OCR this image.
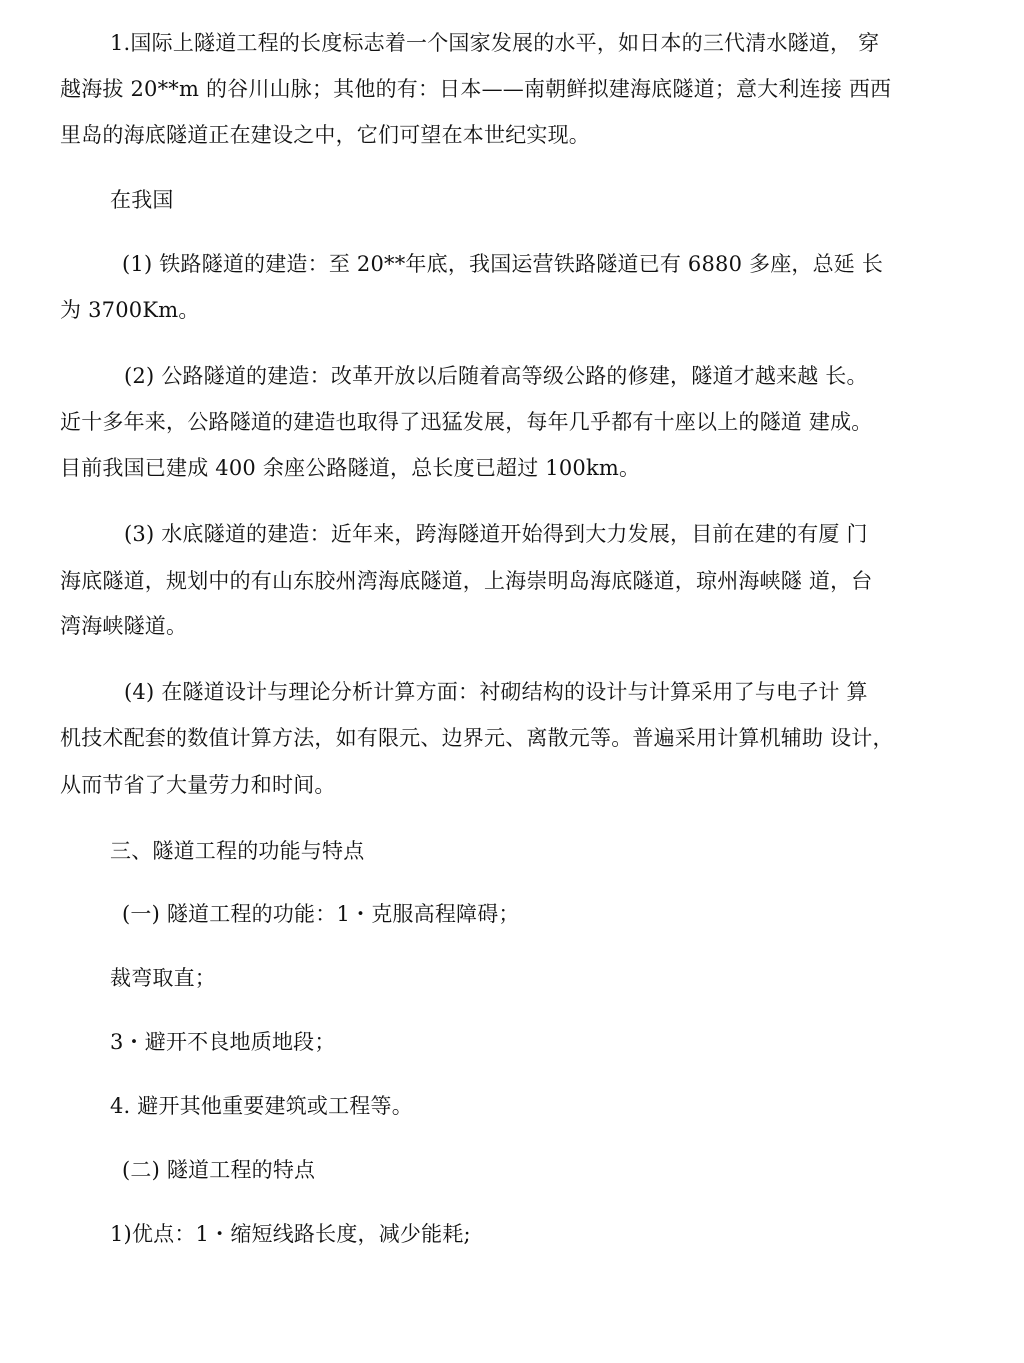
1.国际上隧道工程的长度标志着一个国家发展的水平，如日本的三代清水隧道， 穿
越海拔 20**m 的谷川山脉；其他的有：日本——南朝鲜拟建海底隧道；意大利连接 西西
里岛的海底隧道正在建设之中，它们可望在本世纪实现。
在我国
(1) 铁路隧道的建造：至 20**年底，我国运营铁路隧道已有 6880 多座，总延 长
为 3700Km。
(2) 公路隧道的建造：改革开放以后随着高等级公路的修建，隧道才越来越 长。
近十多年来，公路隧道的建造也取得了迅猛发展，每年几乎都有十座以上的隧道 建成。
目前我国已建成 400 余座公路隧道，总长度已超过 100km。
(3) 水底隧道的建造：近年来，跨海隧道开始得到大力发展，目前在建的有厦 门
海底隧道，规划中的有山东胶州湾海底隧道，上海崇明岛海底隧道，琼州海峡隧 道，台
湾海峡隧道。
(4) 在隧道设计与理论分析计算方面：衬砌结构的设计与计算采用了与电子计 算
机技术配套的数值计算方法，如有限元、边界元、离散元等。普遍采用计算机辅助 设计，
从而节省了大量劳力和时间。
三、隧道工程的功能与特点
(一) 隧道工程的功能：1・克服高程障碍；
裁弯取直；
3・避开不良地质地段；
4. 避开其他重要建筑或工程等。
(二) 隧道工程的特点
1)优点：1・缩短线路长度，减少能耗;
